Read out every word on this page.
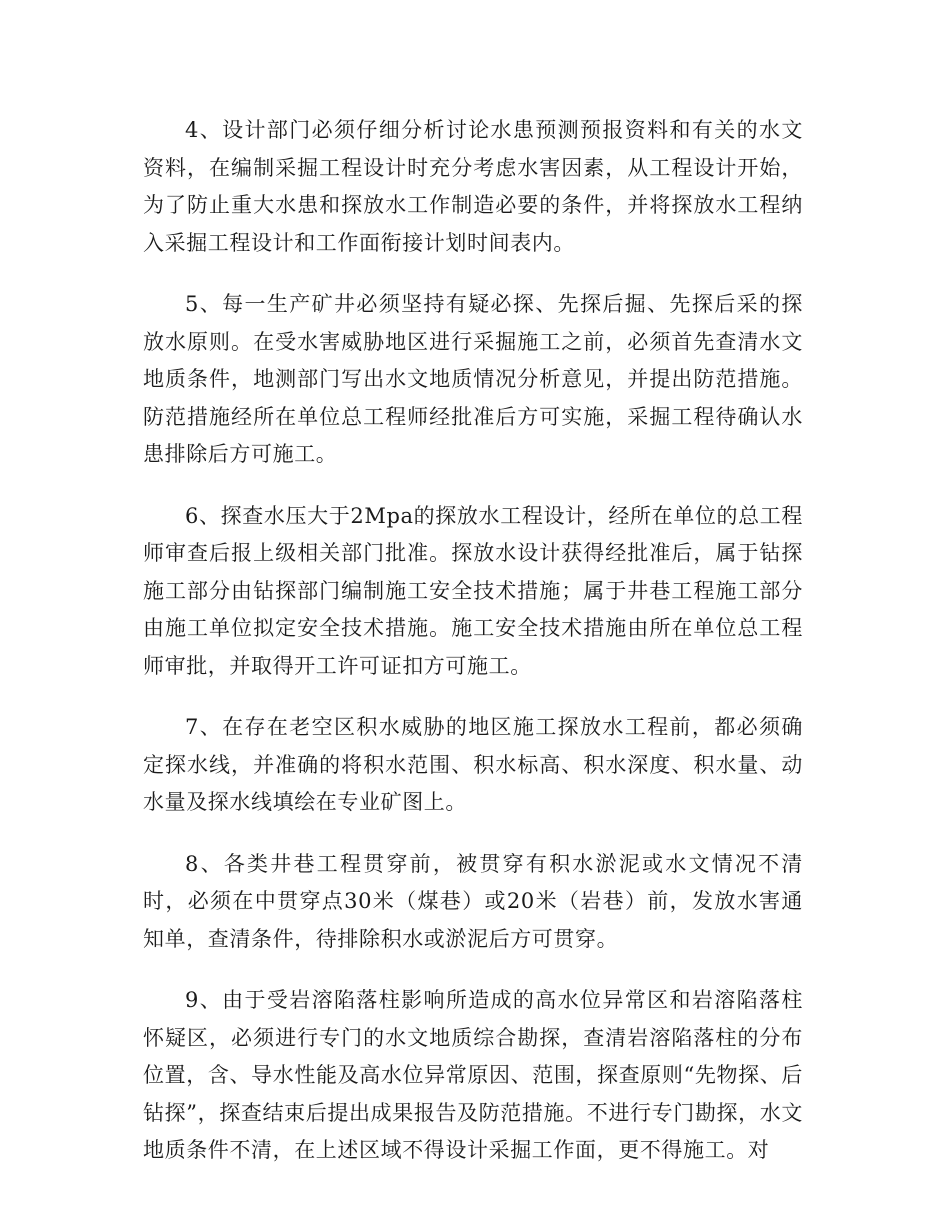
4、设计部门必须仔细分析讨论水患预测预报资料和有关的水文资料，在编制采掘工程设计时充分考虑水害因素，从工程设计开始，为了防止重大水患和探放水工作制造必要的条件，并将探放水工程纳入采掘工程设计和工作面衔接计划时间表内。

5、每一生产矿井必须坚持有疑必探、先探后掘、先探后采的探放水原则。在受水害威胁地区进行采掘施工之前，必须首先查清水文地质条件，地测部门写出水文地质情况分析意见，并提出防范措施。防范措施经所在单位总工程师经批准后方可实施，采掘工程待确认水患排除后方可施工。

6、探查水压大于2Mpa的探放水工程设计，经所在单位的总工程师审查后报上级相关部门批准。探放水设计获得经批准后，属于钻探施工部分由钻探部门编制施工安全技术措施；属于井巷工程施工部分由施工单位拟定安全技术措施。施工安全技术措施由所在单位总工程师审批，并取得开工许可证扣方可施工。

7、在存在老空区积水威胁的地区施工探放水工程前，都必须确定探水线，并准确的将积水范围、积水标高、积水深度、积水量、动水量及探水线填绘在专业矿图上。

8、各类井巷工程贯穿前，被贯穿有积水淤泥或水文情况不清时，必须在中贯穿点30米（煤巷）或20米（岩巷）前，发放水害通知单，查清条件，待排除积水或淤泥后方可贯穿。

9、由于受岩溶陷落柱影响所造成的高水位异常区和岩溶陷落柱怀疑区，必须进行专门的水文地质综合勘探，查清岩溶陷落柱的分布位置，含、导水性能及高水位异常原因、范围，探查原则“先物探、后钻探”，探查结束后提出成果报告及防范措施。不进行专门勘探，水文地质条件不清，在上述区域不得设计采掘工作面，更不得施工。对
